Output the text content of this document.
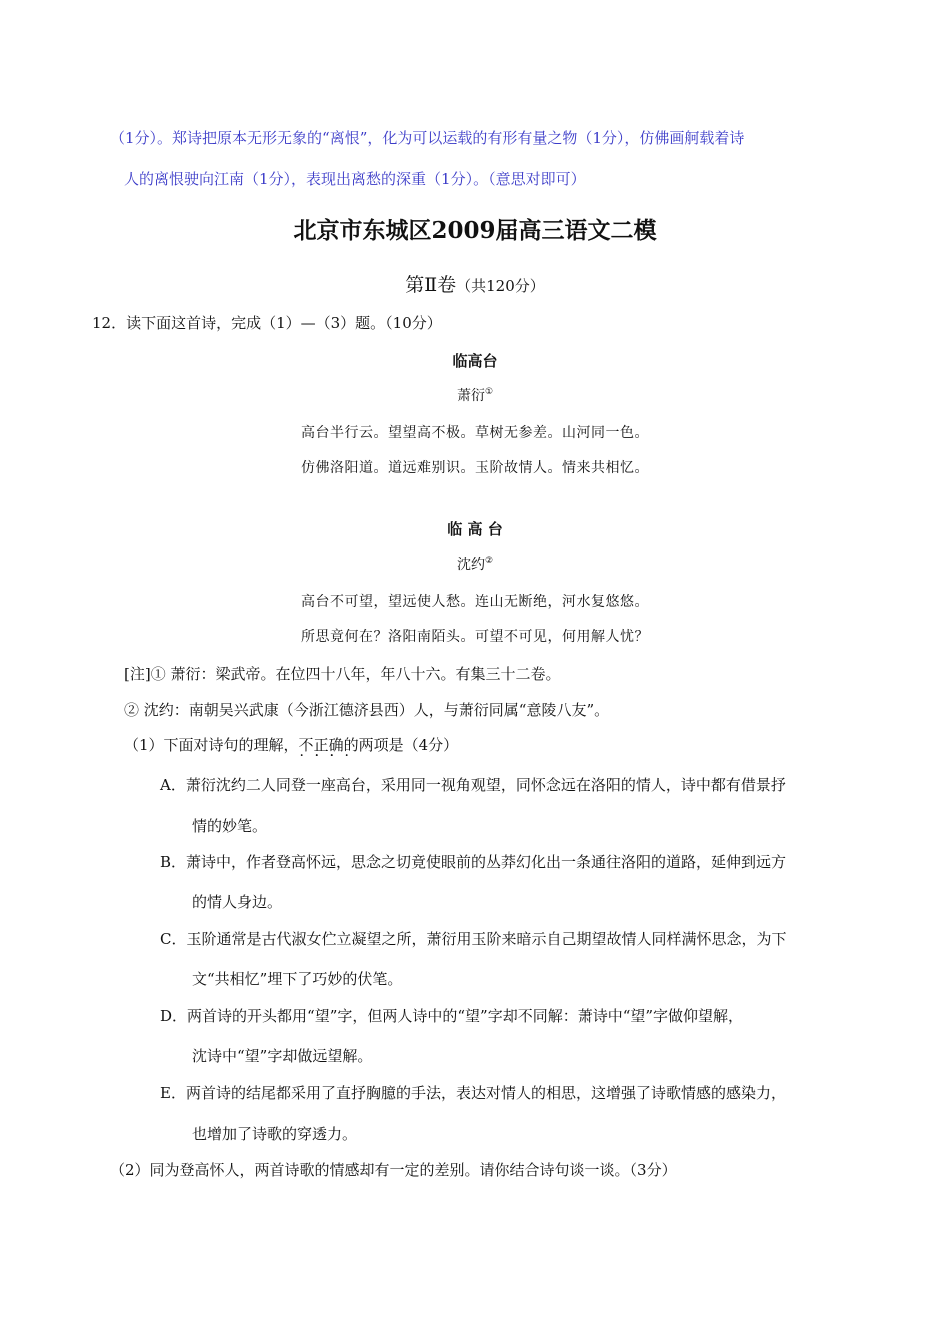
（1分）。郑诗把原本无形无象的“离恨”，化为可以运载的有形有量之物（1分），仿佛画舸载着诗
人的离恨驶向江南（1分），表现出离愁的深重（1分）。（意思对即可）
北京市东城区2009届高三语文二模
第Ⅱ卷（共120分）
12．读下面这首诗，完成（1）—（3）题。（10分）
临高台
萧衍①
高台半行云。望望高不极。草树无参差。山河同一色。
仿佛洛阳道。道远难别识。玉阶故情人。情来共相忆。
临 高 台
沈约②
高台不可望，望远使人愁。连山无断绝，河水复悠悠。
所思竟何在？洛阳南陌头。可望不可见，何用解人忧？
[注]① 萧衍：梁武帝。在位四十八年，年八十六。有集三十二卷。
② 沈约：南朝吴兴武康（今浙江德济县西）人，与萧衍同属“意陵八友”。
（1）下面对诗句的理解，不 · ·正 · ·确 · ·的两项是（4分）
A．萧衍沈约二人同登一座高台，采用同一视角观望，同怀念远在洛阳的情人，诗中都有借景抒
情的妙笔。
B．萧诗中，作者登高怀远，思念之切竟使眼前的丛莽幻化出一条通往洛阳的道路，延伸到远方
的情人身边。
C．玉阶通常是古代淑女伫立凝望之所，萧衍用玉阶来暗示自己期望故情人同样满怀思念，为下
文“共相忆”埋下了巧妙的伏笔。
D．两首诗的开头都用“望”字，但两人诗中的“望”字却不同解：萧诗中“望”字做仰望解，
沈诗中“望”字却做远望解。
E．两首诗的结尾都采用了直抒胸臆的手法，表达对情人的相思，这增强了诗歌情感的感染力，
也增加了诗歌的穿透力。
（2）同为登高怀人，两首诗歌的情感却有一定的差别。请你结合诗句谈一谈。（3分）
